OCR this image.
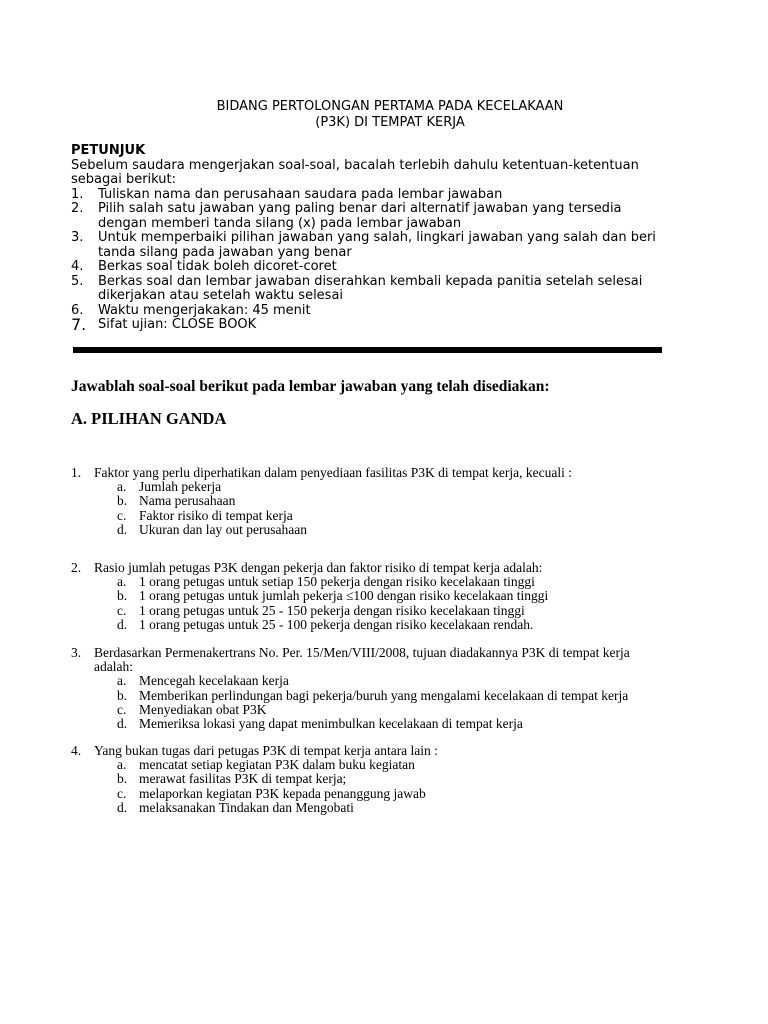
BIDANG PERTOLONGAN PERTAMA PADA KECELAKAAN
(P3K) DI TEMPAT KERJA
PETUNJUK
Sebelum saudara mengerjakan soal-soal, bacalah terlebih dahulu ketentuan-ketentuan
sebagai berikut:
1. Tuliskan nama dan perusahaan saudara pada lembar jawaban
2. Pilih salah satu jawaban yang paling benar dari alternatif jawaban yang tersedia
dengan memberi tanda silang (x) pada lembar jawaban
3. Untuk memperbaiki pilihan jawaban yang salah, lingkari jawaban yang salah dan beri
tanda silang pada jawaban yang benar
4. Berkas soal tidak boleh dicoret-coret
5. Berkas soal dan lembar jawaban diserahkan kembali kepada panitia setelah selesai
dikerjakan atau setelah waktu selesai
6. Waktu mengerjakakan: 45 menit
7. Sifat ujian: CLOSE BOOK
Jawablah soal-soal berikut pada lembar jawaban yang telah disediakan:
A. PILIHAN GANDA
1. Faktor yang perlu diperhatikan dalam penyediaan fasilitas P3K di tempat kerja, kecuali :
a. Jumlah pekerja
b. Nama perusahaan
c. Faktor risiko di tempat kerja
d. Ukuran dan lay out perusahaan
2. Rasio jumlah petugas P3K dengan pekerja dan faktor risiko di tempat kerja adalah:
a. 1 orang petugas untuk setiap 150 pekerja dengan risiko kecelakaan tinggi
b. 1 orang petugas untuk jumlah pekerja ≤100 dengan risiko kecelakaan tinggi
c. 1 orang petugas untuk 25 - 150 pekerja dengan risiko kecelakaan tinggi
d. 1 orang petugas untuk 25 - 100 pekerja dengan risiko kecelakaan rendah.
3. Berdasarkan Permenakertrans No. Per. 15/Men/VIII/2008, tujuan diadakannya P3K di tempat kerja
adalah:
a. Mencegah kecelakaan kerja
b. Memberikan perlindungan bagi pekerja/buruh yang mengalami kecelakaan di tempat kerja
c. Menyediakan obat P3K
d. Memeriksa lokasi yang dapat menimbulkan kecelakaan di tempat kerja
4. Yang bukan tugas dari petugas P3K di tempat kerja antara lain :
a. mencatat setiap kegiatan P3K dalam buku kegiatan
b. merawat fasilitas P3K di tempat kerja;
c. melaporkan kegiatan P3K kepada penanggung jawab
d. melaksanakan Tindakan dan Mengobati
